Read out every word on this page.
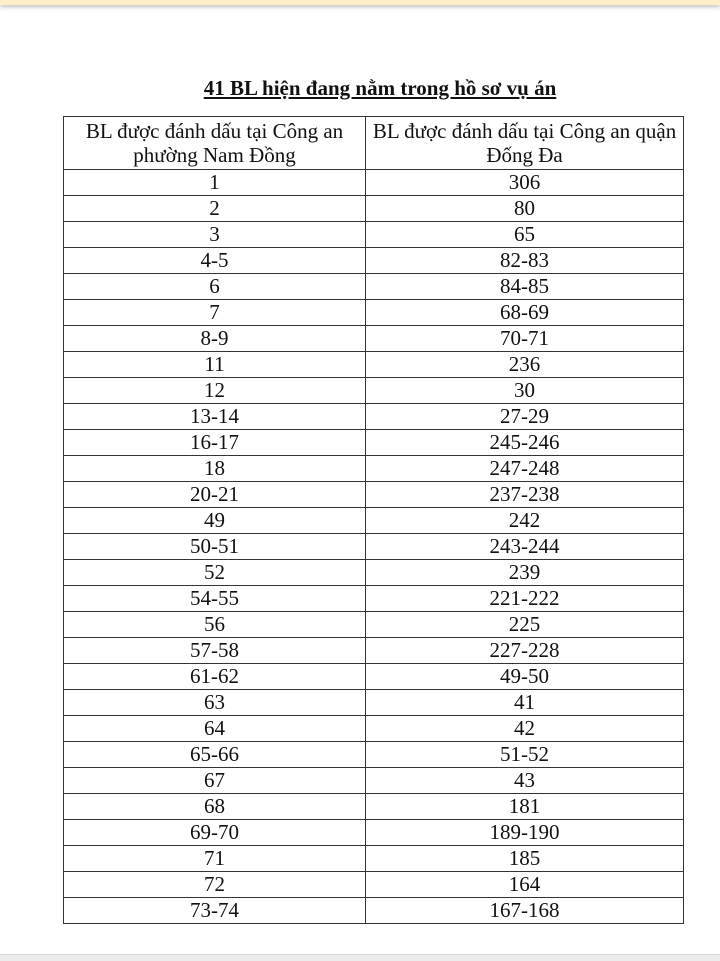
41 BL hiện đang nằm trong hồ sơ vụ án
BL được đánh dấu tại Công an phường Nam Đồng	BL được đánh dấu tại Công an quận Đống Đa
1	306
2	80
3	65
4-5	82-83
6	84-85
7	68-69
8-9	70-71
11	236
12	30
13-14	27-29
16-17	245-246
18	247-248
20-21	237-238
49	242
50-51	243-244
52	239
54-55	221-222
56	225
57-58	227-228
61-62	49-50
63	41
64	42
65-66	51-52
67	43
68	181
69-70	189-190
71	185
72	164
73-74	167-168
